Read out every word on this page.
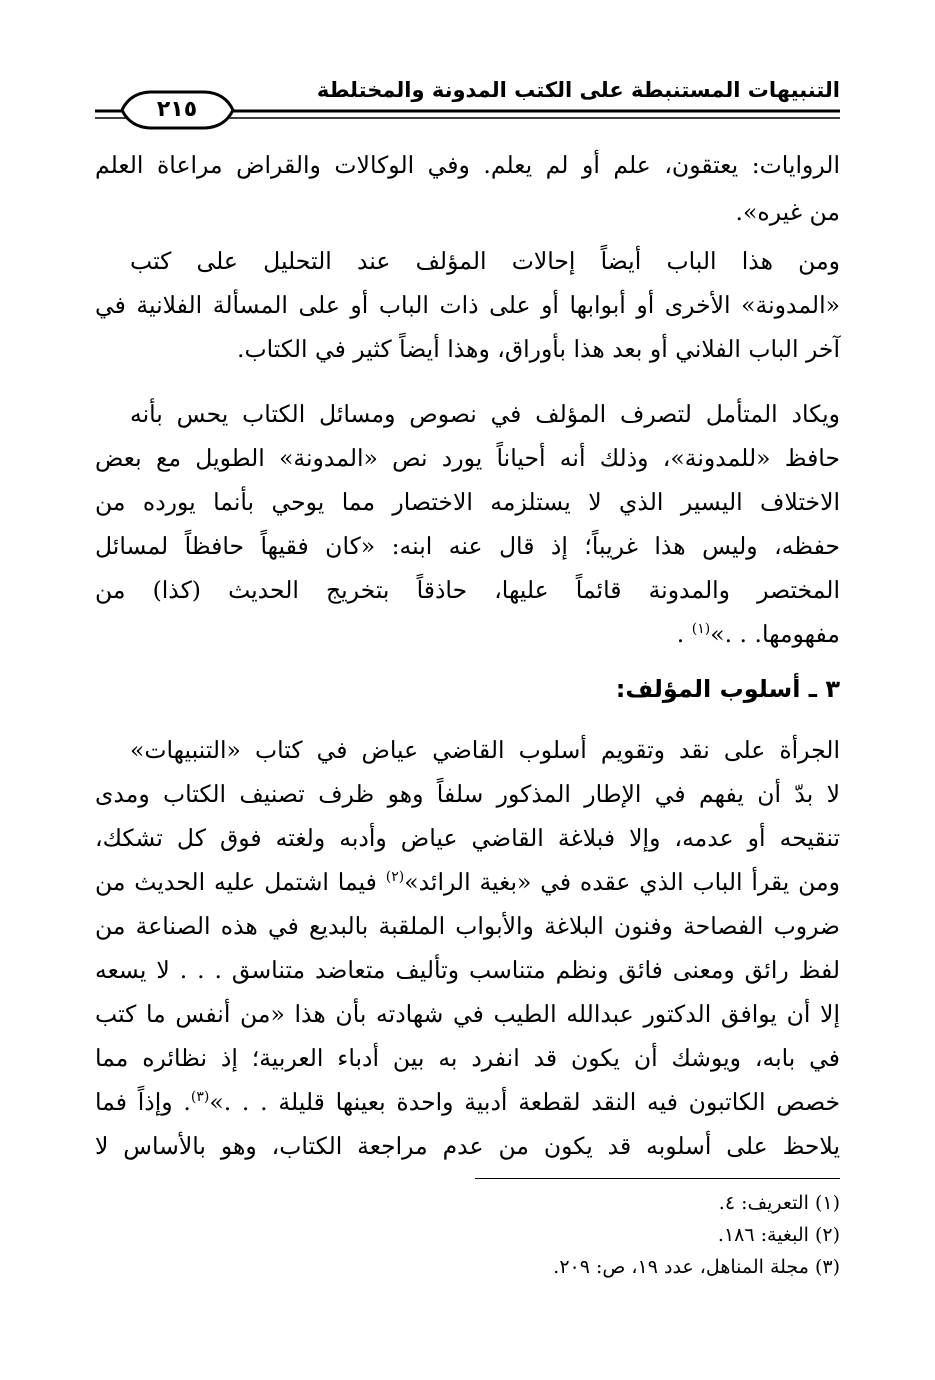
التنبيهات المستنبطة على الكتب المدونة والمختلطة
٢١٥
الروايات: يعتقون، علم أو لم يعلم. وفي الوكالات والقراض مراعاة العلم
من غيره».
ومن هذا الباب أيضاً إحالات المؤلف عند التحليل على كتب
«المدونة» الأخرى أو أبوابها أو على ذات الباب أو على المسألة الفلانية في
آخر الباب الفلاني أو بعد هذا بأوراق، وهذا أيضاً كثير في الكتاب.
ويكاد المتأمل لتصرف المؤلف في نصوص ومسائل الكتاب يحس بأنه
حافظ «للمدونة»، وذلك أنه أحياناً يورد نص «المدونة» الطويل مع بعض
الاختلاف اليسير الذي لا يستلزمه الاختصار مما يوحي بأنما يورده من
حفظه، وليس هذا غريباً؛ إذ قال عنه ابنه: «كان فقيهاً حافظاً لمسائل
المختصر والمدونة قائماً عليها، حاذقاً بتخريج الحديث (كذا) من
مفهومها. . .»$^{(١)}$ .
٣ ـ أسلوب المؤلف:
الجرأة على نقد وتقويم أسلوب القاضي عياض في كتاب «التنبيهات»
لا بدّ أن يفهم في الإطار المذكور سلفاً وهو ظرف تصنيف الكتاب ومدى
تنقيحه أو عدمه، وإلا فبلاغة القاضي عياض وأدبه ولغته فوق كل تشكك،
ومن يقرأ الباب الذي عقده في «بغية الرائد»$^{(٢)}$ فيما اشتمل عليه الحديث من
ضروب الفصاحة وفنون البلاغة والأبواب الملقبة بالبديع في هذه الصناعة من
لفظ رائق ومعنى فائق ونظم متناسب وتأليف متعاضد متناسق . . . لا يسعه
إلا أن يوافق الدكتور عبدالله الطيب في شهادته بأن هذا «من أنفس ما كتب
في بابه، ويوشك أن يكون قد انفرد به بين أدباء العربية؛ إذ نظائره مما
خصص الكاتبون فيه النقد لقطعة أدبية واحدة بعينها قليلة . . .»$^{(٣)}$. وإذاً فما
يلاحظ على أسلوبه قد يكون من عدم مراجعة الكتاب، وهو بالأساس لا
(١) التعريف: ٤.
(٢) البغية: ١٨٦.
(٣) مجلة المناهل، عدد ١٩، ص: ٢٠٩.
